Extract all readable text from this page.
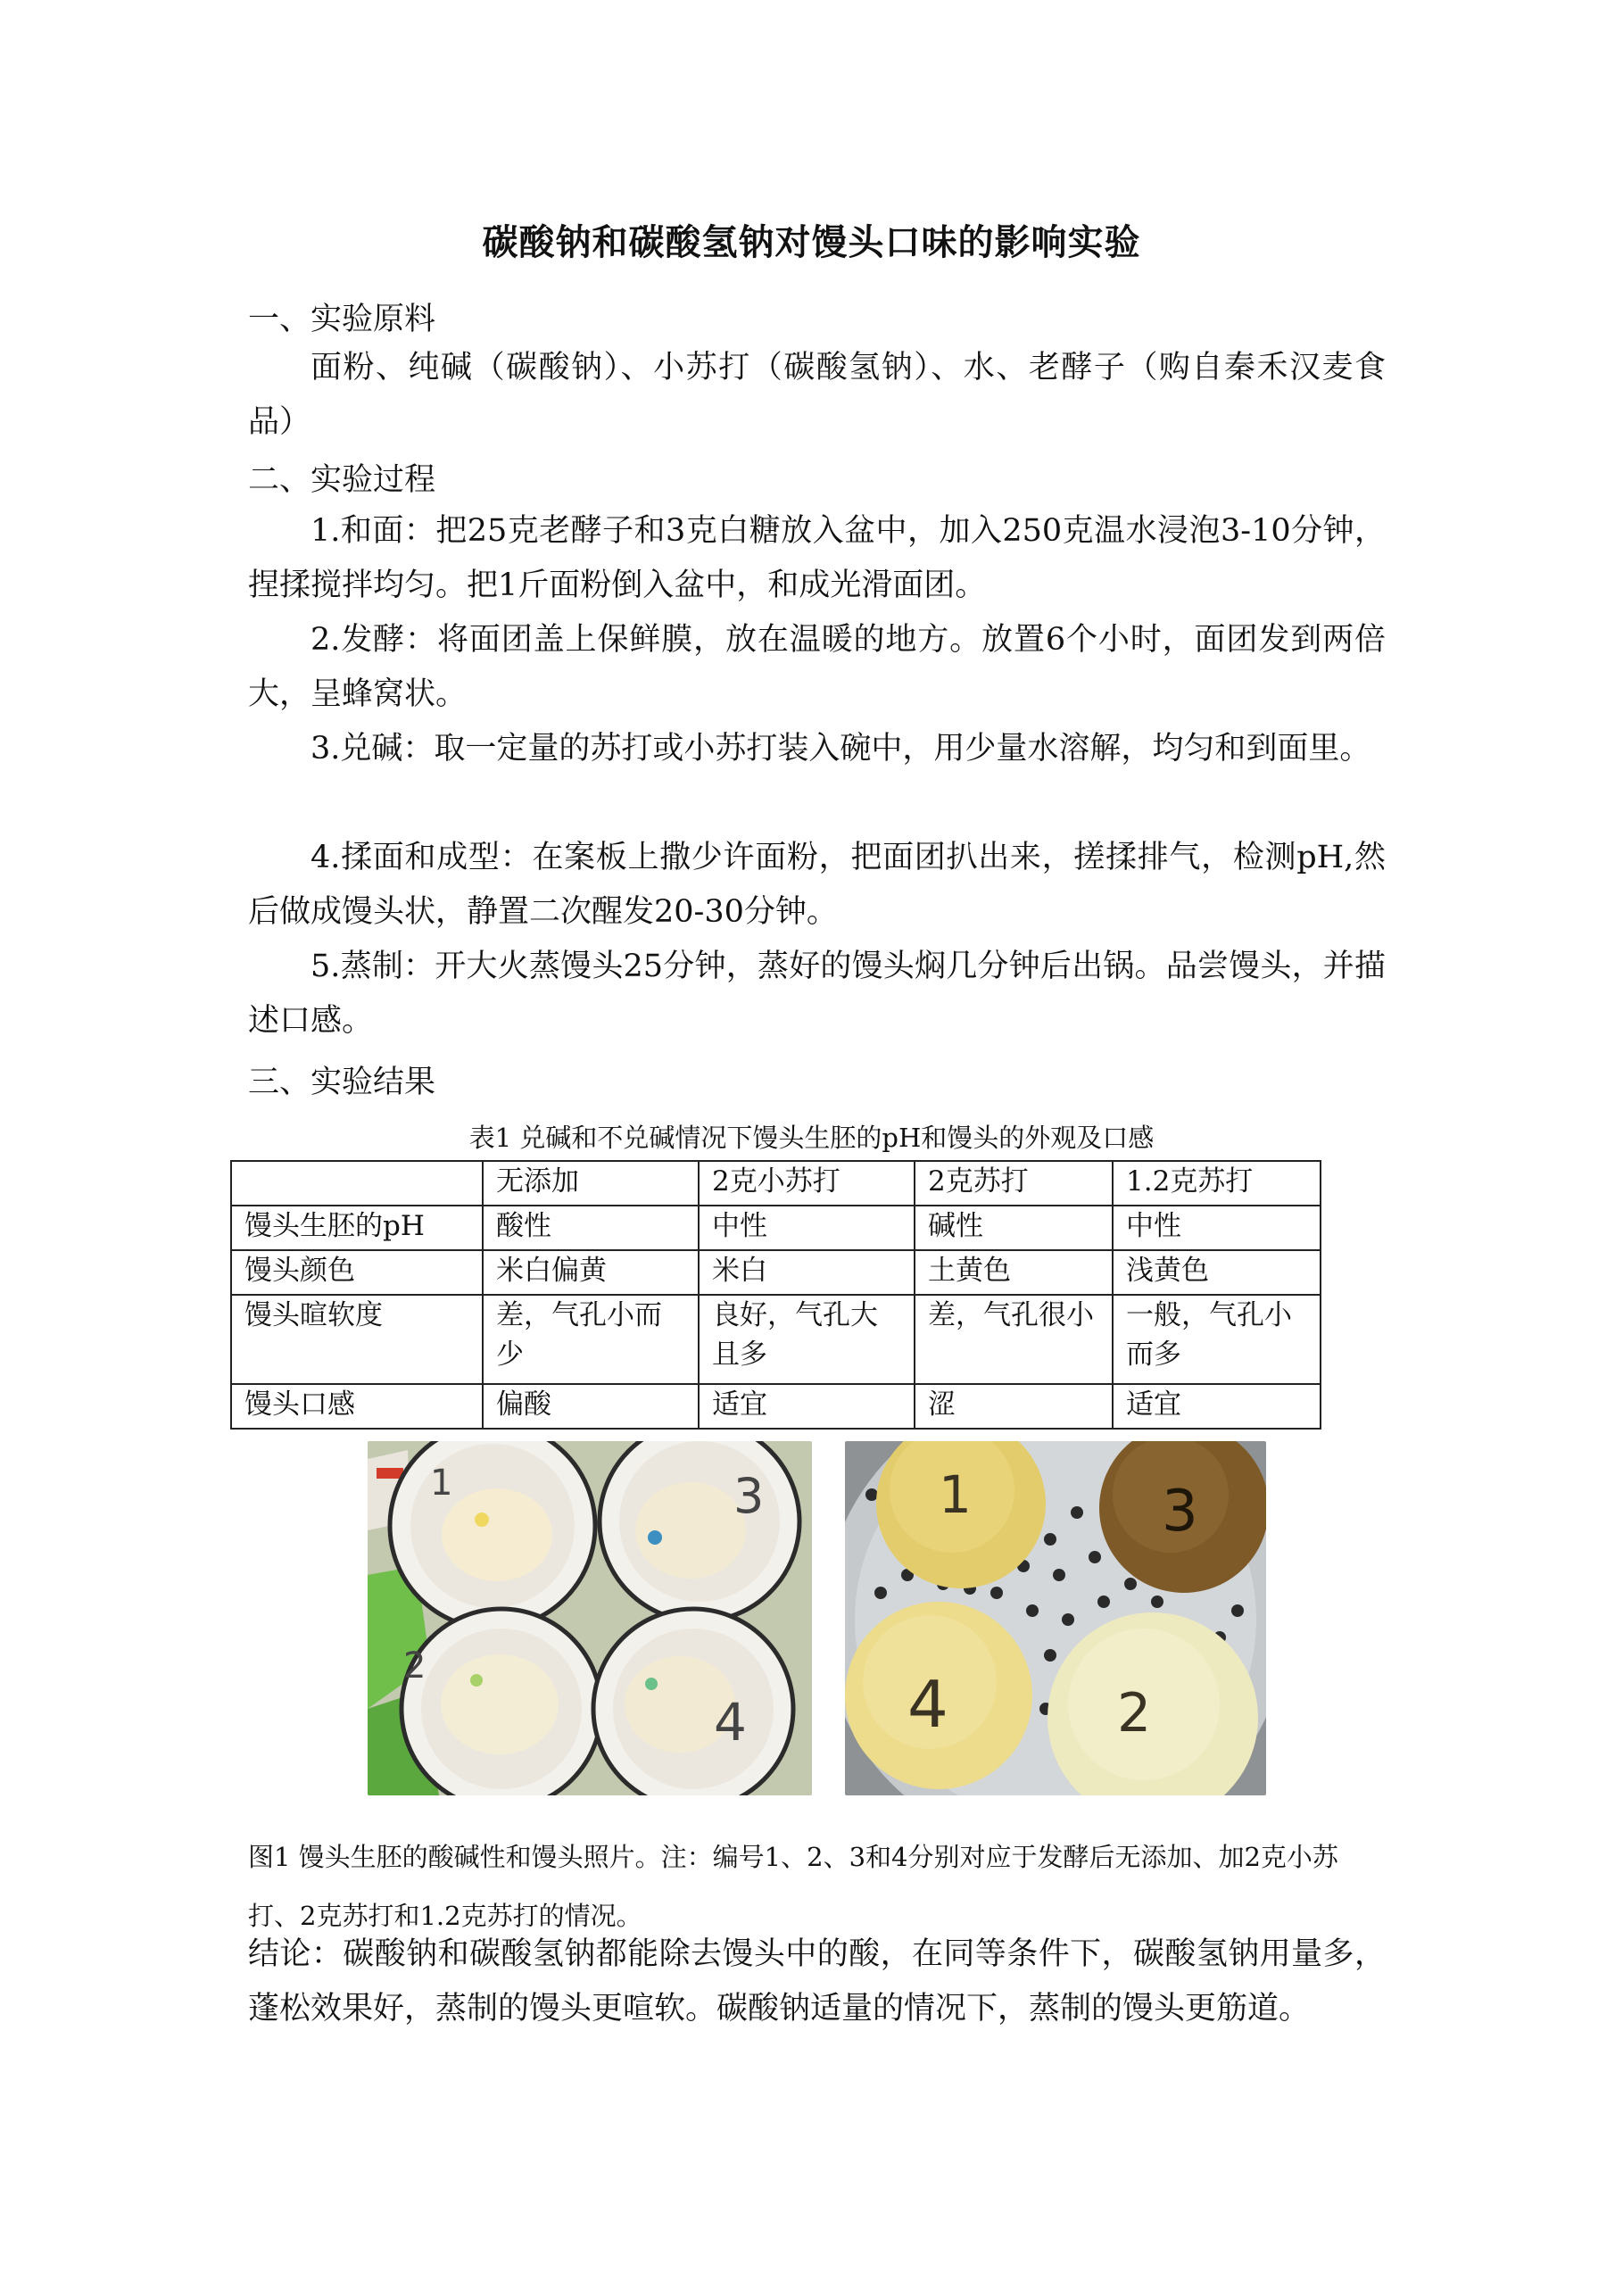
碳酸钠和碳酸氢钠对馒头口味的影响实验
一、实验原料

面粉、纯碱（碳酸钠）、小苏打（碳酸氢钠）、水、老酵子（购自秦禾汉麦食品）

二、实验过程

1.和面：把25克老酵子和3克白糖放入盆中，加入250克温水浸泡3-10分钟，捏揉搅拌均匀。把1斤面粉倒入盆中，和成光滑面团。

2.发酵：将面团盖上保鲜膜，放在温暖的地方。放置6个小时，面团发到两倍大，呈蜂窝状。

3.兑碱：取一定量的苏打或小苏打装入碗中，用少量水溶解，均匀和到面里。

4.揉面和成型：在案板上撒少许面粉，把面团扒出来，搓揉排气，检测pH,然后做成馒头状，静置二次醒发20-30分钟。

5.蒸制：开大火蒸馒头25分钟，蒸好的馒头焖几分钟后出锅。品尝馒头，并描述口感。

三、实验结果
表1 兑碱和不兑碱情况下馒头生胚的pH和馒头的外观及口感
	无添加	2克小苏打	2克苏打	1.2克苏打
馒头生胚的pH	酸性	中性	碱性	中性
馒头颜色	米白偏黄	米白	土黄色	浅黄色
馒头暄软度	差，气孔小而少	良好，气孔大且多	差，气孔很小	一般，气孔小而多
馒头口感	偏酸	适宜	涩	适宜
1	3
2
4
1	3
4	2

图1 馒头生胚的酸碱性和馒头照片。注：编号1、2、3和4分别对应于发酵后无添加、加2克小苏打、2克苏打和1.2克苏打的情况。

结论：碳酸钠和碳酸氢钠都能除去馒头中的酸，在同等条件下，碳酸氢钠用量多，蓬松效果好，蒸制的馒头更喧软。碳酸钠适量的情况下，蒸制的馒头更筋道。
